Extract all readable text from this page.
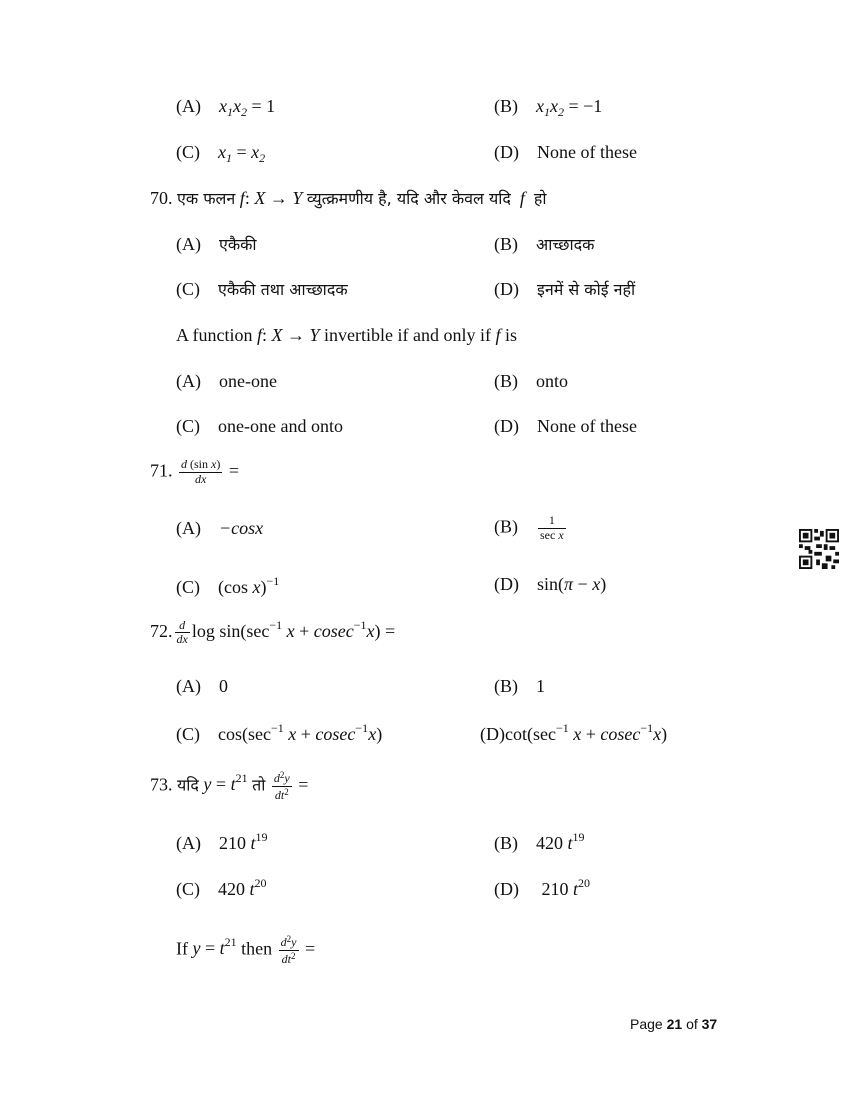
(A) $x_1x_2 = 1$	(B) $x_1x_2 = -1$
(C) $x_1 = x_2$	(D) None of these
70. एक फलन f: X → Y व्युत्क्रमणीय है, यदि और केवल यदि  f  हो
(A) एकैकी	(B) आच्छादक
(C) एकैकी तथा आच्छादक	(D) इनमें से कोई नहीं
A function f: X → Y invertible if and only if f is
(A) one-one	(B) onto
(C) one-one and onto	(D) None of these
71. $\frac{\text{d (sin x)}}{dx}$ =
(A) −cosx	$(B) \frac{1}{\text{sec x}}$
(C) (cos x)$^{-1}$	(D) sin(π − x)
72. $\frac{d}{dx}$ $\log \sin(\sec^{-1}$ x + cosec$^{-1}$x) =
(A) 0	(B) 1
(C) $\cos(\sec^{-1}$ x + cosec$^{-1}$x)	$(D)\cot(\sec^{-1}$ x + cosec$^{-1}$x)
73. यदि $y = t^{21}$ तो $\frac{d^2y}{dt^2}$ =
(A) 210 $t^{19}$	(B) 420 $t^{19}$
(C) 420 $t^{20}$	(D) 210 $t^{20}$
If $y = t^{21}$ then $\frac{d^2y}{dt^2}$ =
Page 21 of 37
